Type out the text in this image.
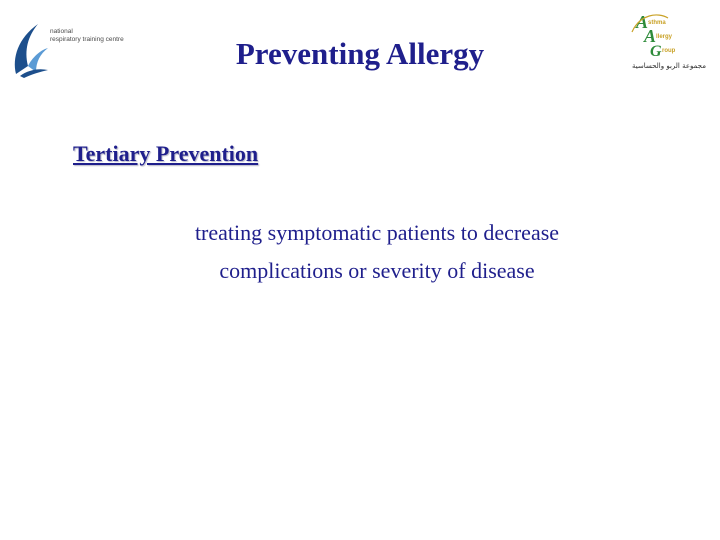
national
respiratory training centre	Preventing Allergy
A sthma
A llergy
G roup
مجموعة الربو والحساسية
Tertiary Prevention
treating symptomatic patients to decrease
complications or severity of disease
